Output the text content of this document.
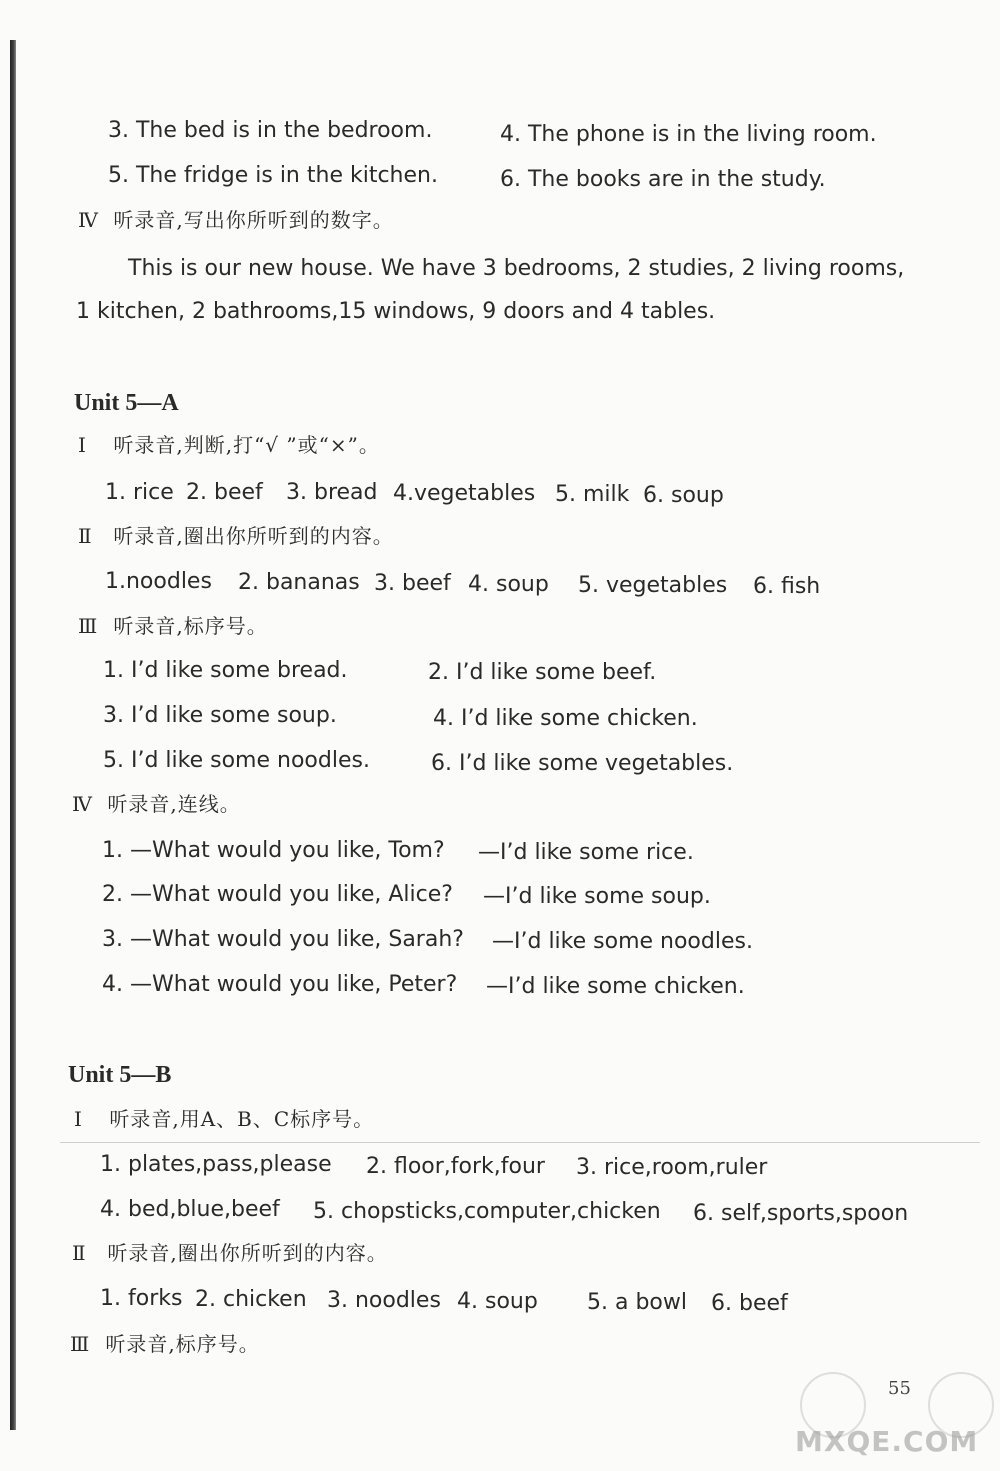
3. The bed is in the bedroom.	4. The phone is in the living room.
5. The fridge is in the kitchen.	6. The books are in the study.
Ⅳ 听录音,写出你所听到的数字。
This is our new house. We have 3 bedrooms, 2 studies, 2 living rooms,
1 kitchen, 2 bathrooms,15 windows, 9 doors and 4 tables.
Unit 5—A
Ⅰ 听录音,判断,打“√ ”或“×”。
1. rice 2. beef 3. bread 4.vegetables 5. milk 6. soup
Ⅱ 听录音,圈出你所听到的内容。
1.noodles 2. bananas 3. beef 4. soup 5. vegetables 6. fish
Ⅲ 听录音,标序号。
1. I’d like some bread.	2. I’d like some beef.
3. I’d like some soup.	4. I’d like some chicken.
5. I’d like some noodles.	6. I’d like some vegetables.
Ⅳ 听录音,连线。
1. —What would you like, Tom? —I’d like some rice.
2. —What would you like, Alice? —I’d like some soup.
3. —What would you like, Sarah? —I’d like some noodles.
4. —What would you like, Peter? —I’d like some chicken.
Unit 5—B
Ⅰ 听录音,用A、B、C标序号。
1. plates,pass,please 2. floor,fork,four 3. rice,room,ruler
4. bed,blue,beef 5. chopsticks,computer,chicken 6. self,sports,spoon
Ⅱ 听录音,圈出你所听到的内容。
1. forks 2. chicken 3. noodles 4. soup 5. a bowl 6. beef
Ⅲ 听录音,标序号。
55
MXQE.COM
